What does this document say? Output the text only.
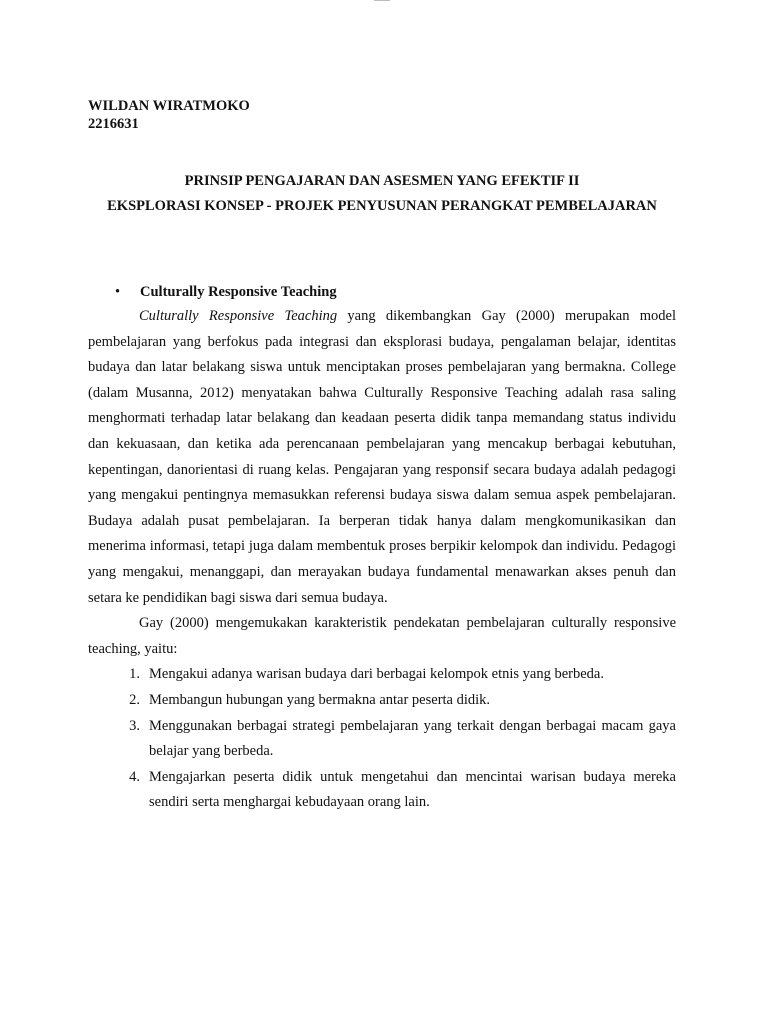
WILDAN WIRATMOKO
2216631
PRINSIP PENGAJARAN DAN ASESMEN YANG EFEKTIF II
EKSPLORASI KONSEP - PROJEK PENYUSUNAN PERANGKAT PEMBELAJARAN
• Culturally Responsive Teaching

Culturally Responsive Teaching yang dikembangkan Gay (2000) merupakan model pembelajaran yang berfokus pada integrasi dan eksplorasi budaya, pengalaman belajar, identitas budaya dan latar belakang siswa untuk menciptakan proses pembelajaran yang bermakna. College (dalam Musanna, 2012) menyatakan bahwa Culturally Responsive Teaching adalah rasa saling menghormati terhadap latar belakang dan keadaan peserta didik tanpa memandang status individu dan kekuasaan, dan ketika ada perencanaan pembelajaran yang mencakup berbagai kebutuhan, kepentingan, danorientasi di ruang kelas. Pengajaran yang responsif secara budaya adalah pedagogi yang mengakui pentingnya memasukkan referensi budaya siswa dalam semua aspek pembelajaran. Budaya adalah pusat pembelajaran. Ia berperan tidak hanya dalam mengkomunikasikan dan menerima informasi, tetapi juga dalam membentuk proses berpikir kelompok dan individu. Pedagogi yang mengakui, menanggapi, dan merayakan budaya fundamental menawarkan akses penuh dan setara ke pendidikan bagi siswa dari semua budaya.

Gay (2000) mengemukakan karakteristik pendekatan pembelajaran culturally responsive teaching, yaitu:

1. Mengakui adanya warisan budaya dari berbagai kelompok etnis yang berbeda.
2. Membangun hubungan yang bermakna antar peserta didik.
3. Menggunakan berbagai strategi pembelajaran yang terkait dengan berbagai macam gaya belajar yang berbeda.
4. Mengajarkan peserta didik untuk mengetahui dan mencintai warisan budaya mereka sendiri serta menghargai kebudayaan orang lain.
